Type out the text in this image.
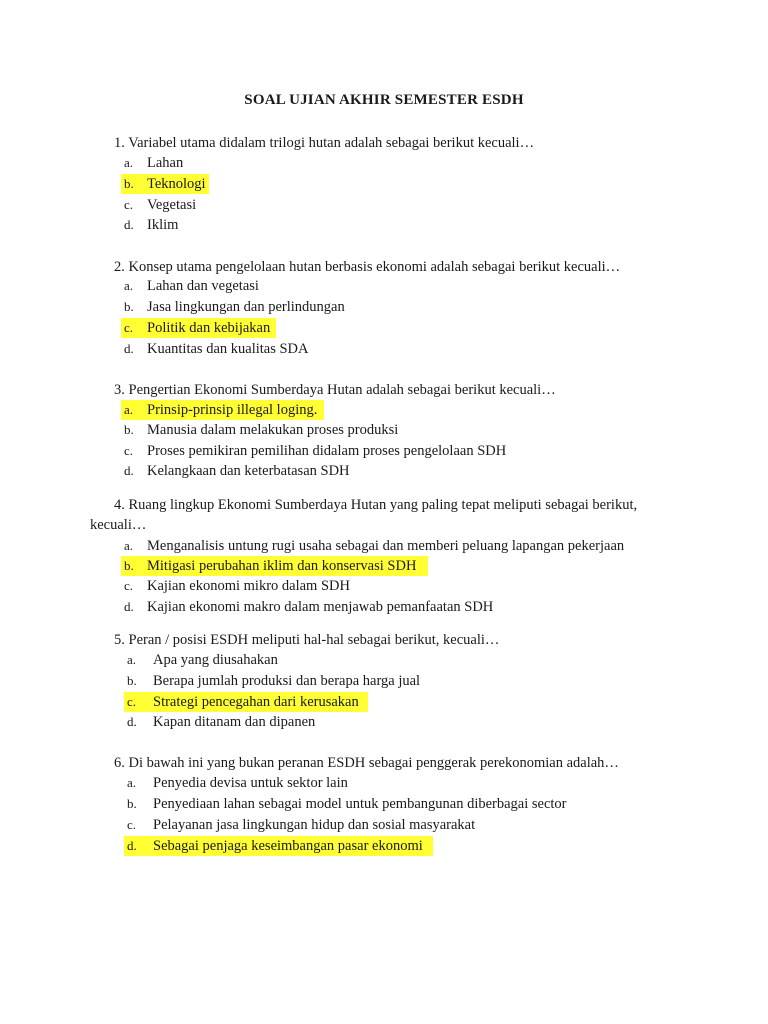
SOAL UJIAN AKHIR SEMESTER ESDH
1. Variabel utama didalam trilogi hutan adalah sebagai berikut kecuali…
a. Lahan
b. Teknologi
c. Vegetasi
d. Iklim
2. Konsep utama pengelolaan hutan berbasis ekonomi adalah sebagai berikut kecuali…
a. Lahan dan vegetasi
b. Jasa lingkungan dan perlindungan
c. Politik dan kebijakan
d. Kuantitas dan kualitas SDA
3. Pengertian Ekonomi Sumberdaya Hutan adalah sebagai berikut kecuali…
a. Prinsip-prinsip illegal loging.
b. Manusia dalam melakukan proses produksi
c. Proses pemikiran pemilihan didalam proses pengelolaan SDH
d. Kelangkaan dan keterbatasan SDH
4. Ruang lingkup Ekonomi Sumberdaya Hutan yang paling tepat meliputi sebagai berikut,
kecuali…
a. Menganalisis untung rugi usaha sebagai dan memberi peluang lapangan pekerjaan
b. Mitigasi perubahan iklim dan konservasi SDH
c. Kajian ekonomi mikro dalam SDH
d. Kajian ekonomi makro dalam menjawab pemanfaatan SDH
5. Peran / posisi ESDH meliputi hal-hal sebagai berikut, kecuali…
a. Apa yang diusahakan
b. Berapa jumlah produksi dan berapa harga jual
c. Strategi pencegahan dari kerusakan
d. Kapan ditanam dan dipanen
6. Di bawah ini yang bukan peranan ESDH sebagai penggerak perekonomian adalah…
a. Penyedia devisa untuk sektor lain
b. Penyediaan lahan sebagai model untuk pembangunan diberbagai sector
c. Pelayanan jasa lingkungan hidup dan sosial masyarakat
d. Sebagai penjaga keseimbangan pasar ekonomi
